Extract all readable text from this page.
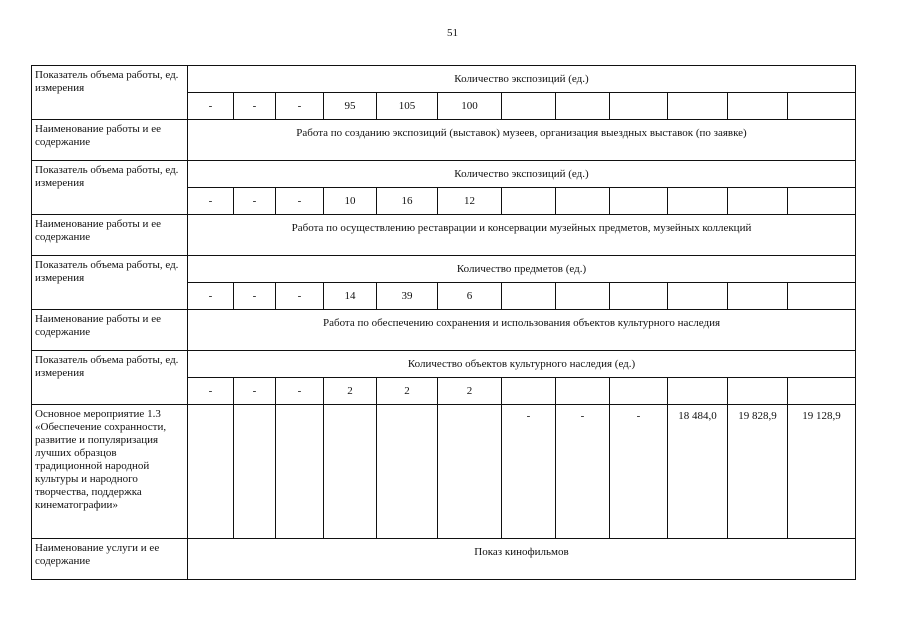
51
Показатель объема работы, ед. измерения	Количество экспозиций (ед.)											
	-	-	-	95	105	100						
Наименование работы и ее содержание	Работа по созданию экспозиций (выставок) музеев, организация выездных выставок (по заявке)											
Показатель объема работы, ед. измерения	Количество экспозиций (ед.)											
	-	-	-	10	16	12						
Наименование работы и ее содержание	Работа по осуществлению реставрации и консервации музейных предметов, музейных коллекций											
Показатель объема работы, ед. измерения	Количество предметов (ед.)											
	-	-	-	14	39	6						
Наименование работы и ее содержание	Работа по обеспечению сохранения и использования объектов культурного наследия											
Показатель объема работы, ед. измерения	Количество объектов культурного наследия (ед.)											
	-	-	-	2	2	2						
Основное мероприятие 1.3 «Обеспечение сохранности, развитие и популяризация лучших образцов традиционной народной культуры и народного творчества, поддержка кинематографии»							-	-	-	18 484,0	19 828,9	19 128,9
Наименование услуги и ее содержание	Показ кинофильмов											
